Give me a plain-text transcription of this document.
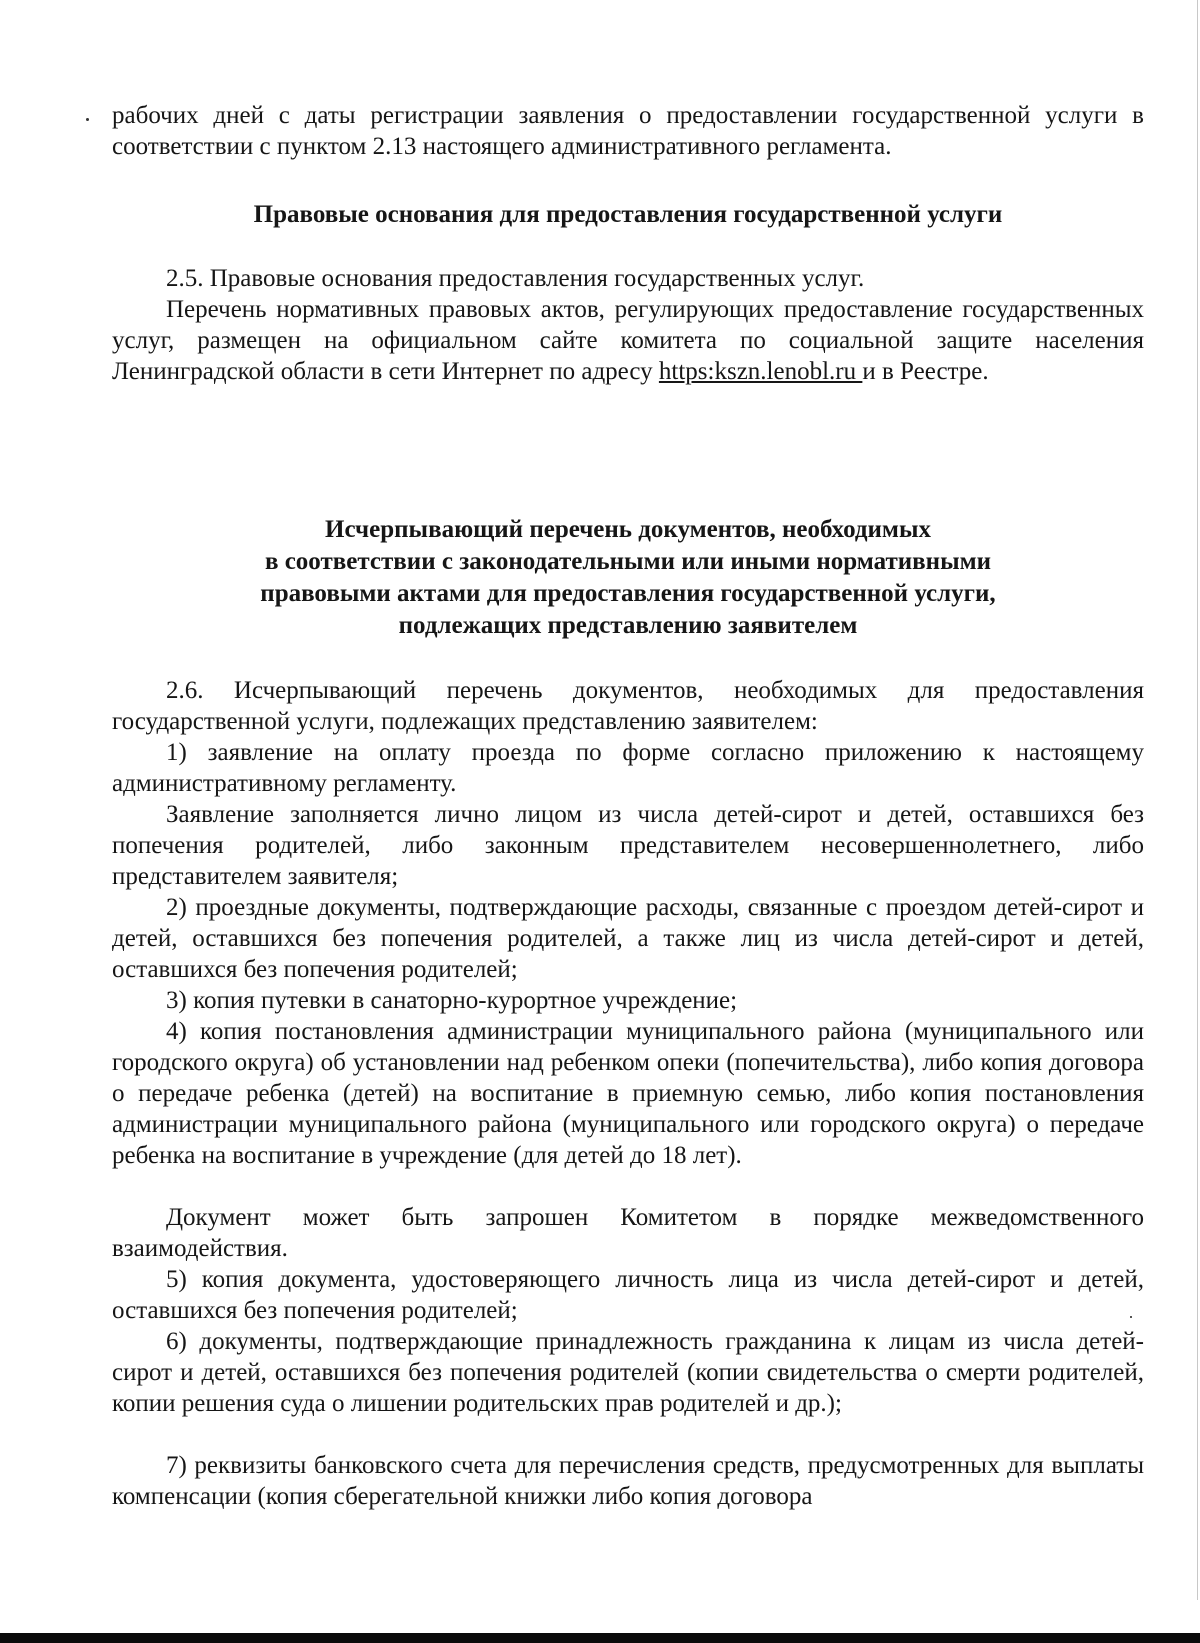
рабочих дней с даты регистрации заявления о предоставлении государственной услуги в соответствии с пунктом 2.13 настоящего административного регламента.

Правовые основания для предоставления государственной услуги

2.5. Правовые основания предоставления государственных услуг.

Перечень нормативных правовых актов, регулирующих предоставление государственных услуг, размещен на официальном сайте комитета по социальной защите населения Ленинградской области в сети Интернет по адресу https:kszn.lenobl.ru и в Реестре.

Исчерпывающий перечень документов, необходимых
в соответствии с законодательными или иными нормативными
правовыми актами для предоставления государственной услуги,
подлежащих представлению заявителем

2.6. Исчерпывающий перечень документов, необходимых для предоставления государственной услуги, подлежащих представлению заявителем:

1) заявление на оплату проезда по форме согласно приложению к настоящему административному регламенту.

Заявление заполняется лично лицом из числа детей-сирот и детей, оставшихся без попечения родителей, либо законным представителем несовершеннолетнего, либо представителем заявителя;

2) проездные документы, подтверждающие расходы, связанные с проездом детей-сирот и детей, оставшихся без попечения родителей, а также лиц из числа детей-сирот и детей, оставшихся без попечения родителей;

3) копия путевки в санаторно-курортное учреждение;

4) копия постановления администрации муниципального района (муниципального или городского округа) об установлении над ребенком опеки (попечительства), либо копия договора о передаче ребенка (детей) на воспитание в приемную семью, либо копия постановления администрации муниципального района (муниципального или городского округа) о передаче ребенка на воспитание в учреждение (для детей до 18 лет).

Документ может быть запрошен Комитетом в порядке межведомственного взаимодействия.

5) копия документа, удостоверяющего личность лица из числа детей-сирот и детей, оставшихся без попечения родителей;

6) документы, подтверждающие принадлежность гражданина к лицам из числа детей-сирот и детей, оставшихся без попечения родителей (копии свидетельства о смерти родителей, копии решения суда о лишении родительских прав родителей и др.);

7) реквизиты банковского счета для перечисления средств, предусмотренных для выплаты компенсации (копия сберегательной книжки либо копия договора
